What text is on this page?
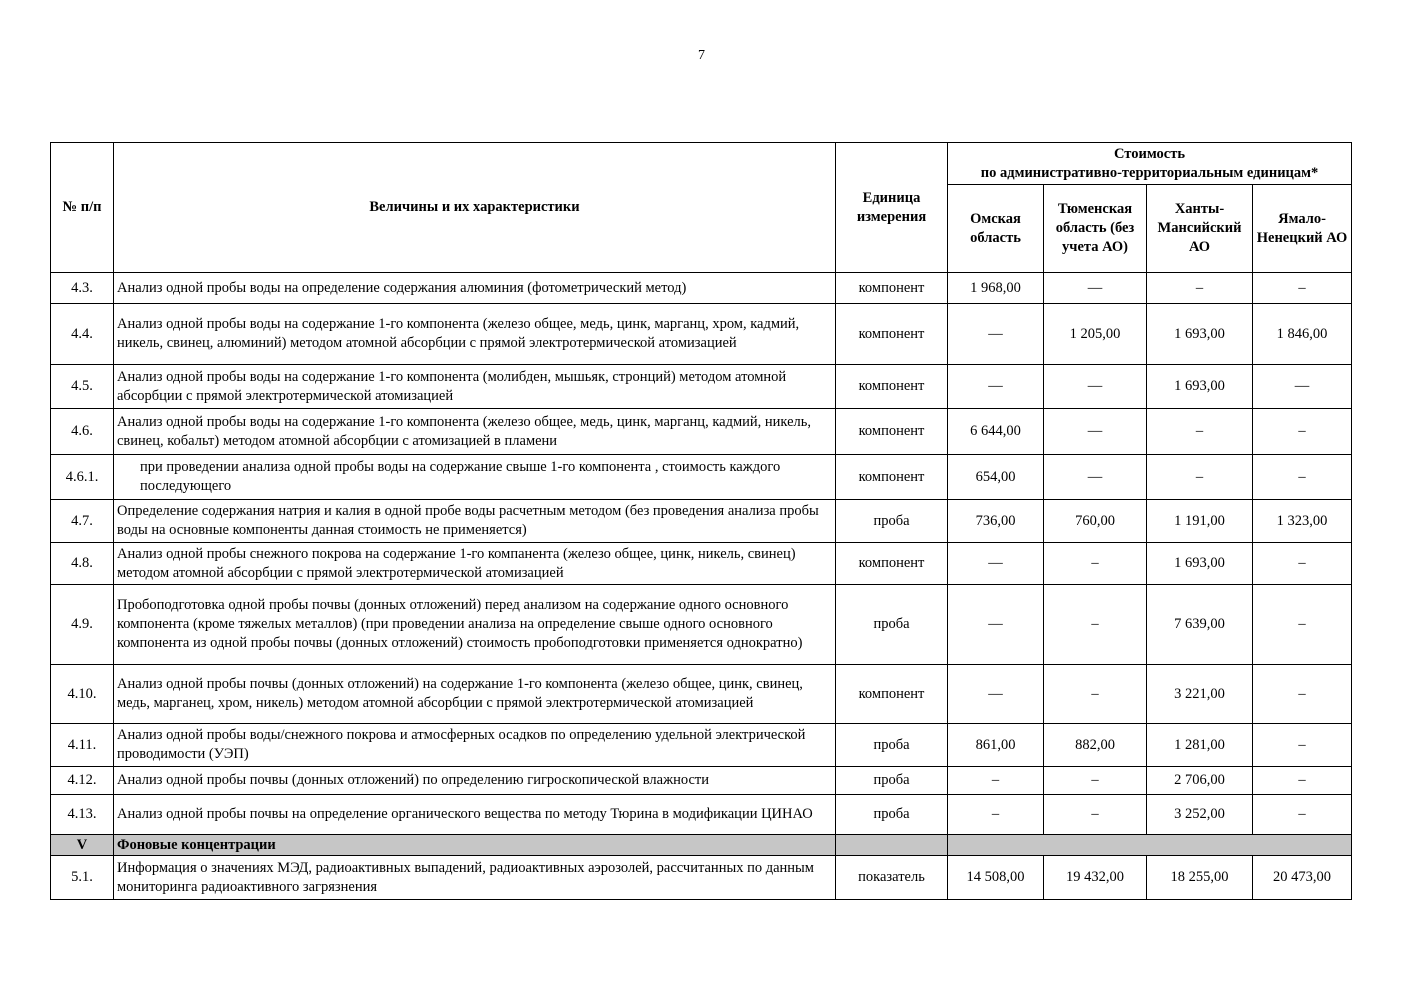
7
№ п/п	Величины и их характеристики	Единица измерения	Стоимость
по административно-территориальным единицам*			

			Омская область	Тюменская область (без учета АО)	Ханты-Мансийский АО	Ямало-Ненецкий АО
4.3.	Анализ одной пробы воды на определение содержания алюминия (фотометрический метод)	компонент	1 968,00	—	–	–
4.4.	Анализ одной пробы воды на содержание 1-го компонента (железо общее, медь, цинк, марганц, хром, кадмий, никель, свинец, алюминий) методом атомной абсорбции с прямой электротермической атомизацией	компонент	—	1 205,00	1 693,00	1 846,00
4.5.	Анализ одной пробы воды на содержание 1-го компонента (молибден, мышьяк, стронций) методом атомной абсорбции с прямой электротермической атомизацией	компонент	—	—	1 693,00	—
4.6.	Анализ одной пробы воды на содержание 1-го компонента (железо общее, медь, цинк, марганц, кадмий, никель, свинец, кобальт) методом атомной абсорбции с атомизацией в пламени	компонент	6 644,00	—	–	–
4.6.1.	при проведении анализа одной пробы воды на содержание свыше 1-го компонента , стоимость каждого последующего	компонент	654,00	—	–	–
4.7.	Определение содержания натрия и калия в одной пробе воды расчетным методом (без проведения анализа пробы воды на основные компоненты данная стоимость не применяется)	проба	736,00	760,00	1 191,00	1 323,00
4.8.	Анализ одной пробы снежного покрова на содержание 1-го компанента (железо общее, цинк, никель, свинец) методом атомной абсорбции с прямой электротермической атомизацией	компонент	—	–	1 693,00	–
4.9.	Пробоподготовка одной пробы почвы (донных отложений) перед анализом на содержание одного основного компонента (кроме тяжелых металлов) (при проведении анализа на определение свыше одного основного компонента из одной пробы почвы (донных отложений) стоимость пробоподготовки применяется однократно)	проба	—	–	7 639,00	–
4.10.	Анализ одной пробы почвы (донных отложений) на содержание 1-го компонента (железо общее, цинк, свинец, медь, марганец, хром, никель) методом атомной абсорбции с прямой электротермической атомизацией	компонент	—	–	3 221,00	–
4.11.	Анализ одной пробы воды/снежного покрова и атмосферных осадков по определению удельной электрической проводимости (УЭП)	проба	861,00	882,00	1 281,00	–
4.12.	Анализ одной пробы почвы (донных отложений) по определению гигроскопической влажности	проба	–	–	2 706,00	–
4.13.	Анализ одной пробы почвы на определение органического вещества по методу Тюрина в модификации ЦИНАО	проба	–	–	3 252,00	–
V	Фоновые концентрации					
5.1.	Информация о значениях МЭД, радиоактивных выпадений, радиоактивных аэрозолей, рассчитанных по данным мониторинга радиоактивного загрязнения	показатель	14 508,00	19 432,00	18 255,00	20 473,00
